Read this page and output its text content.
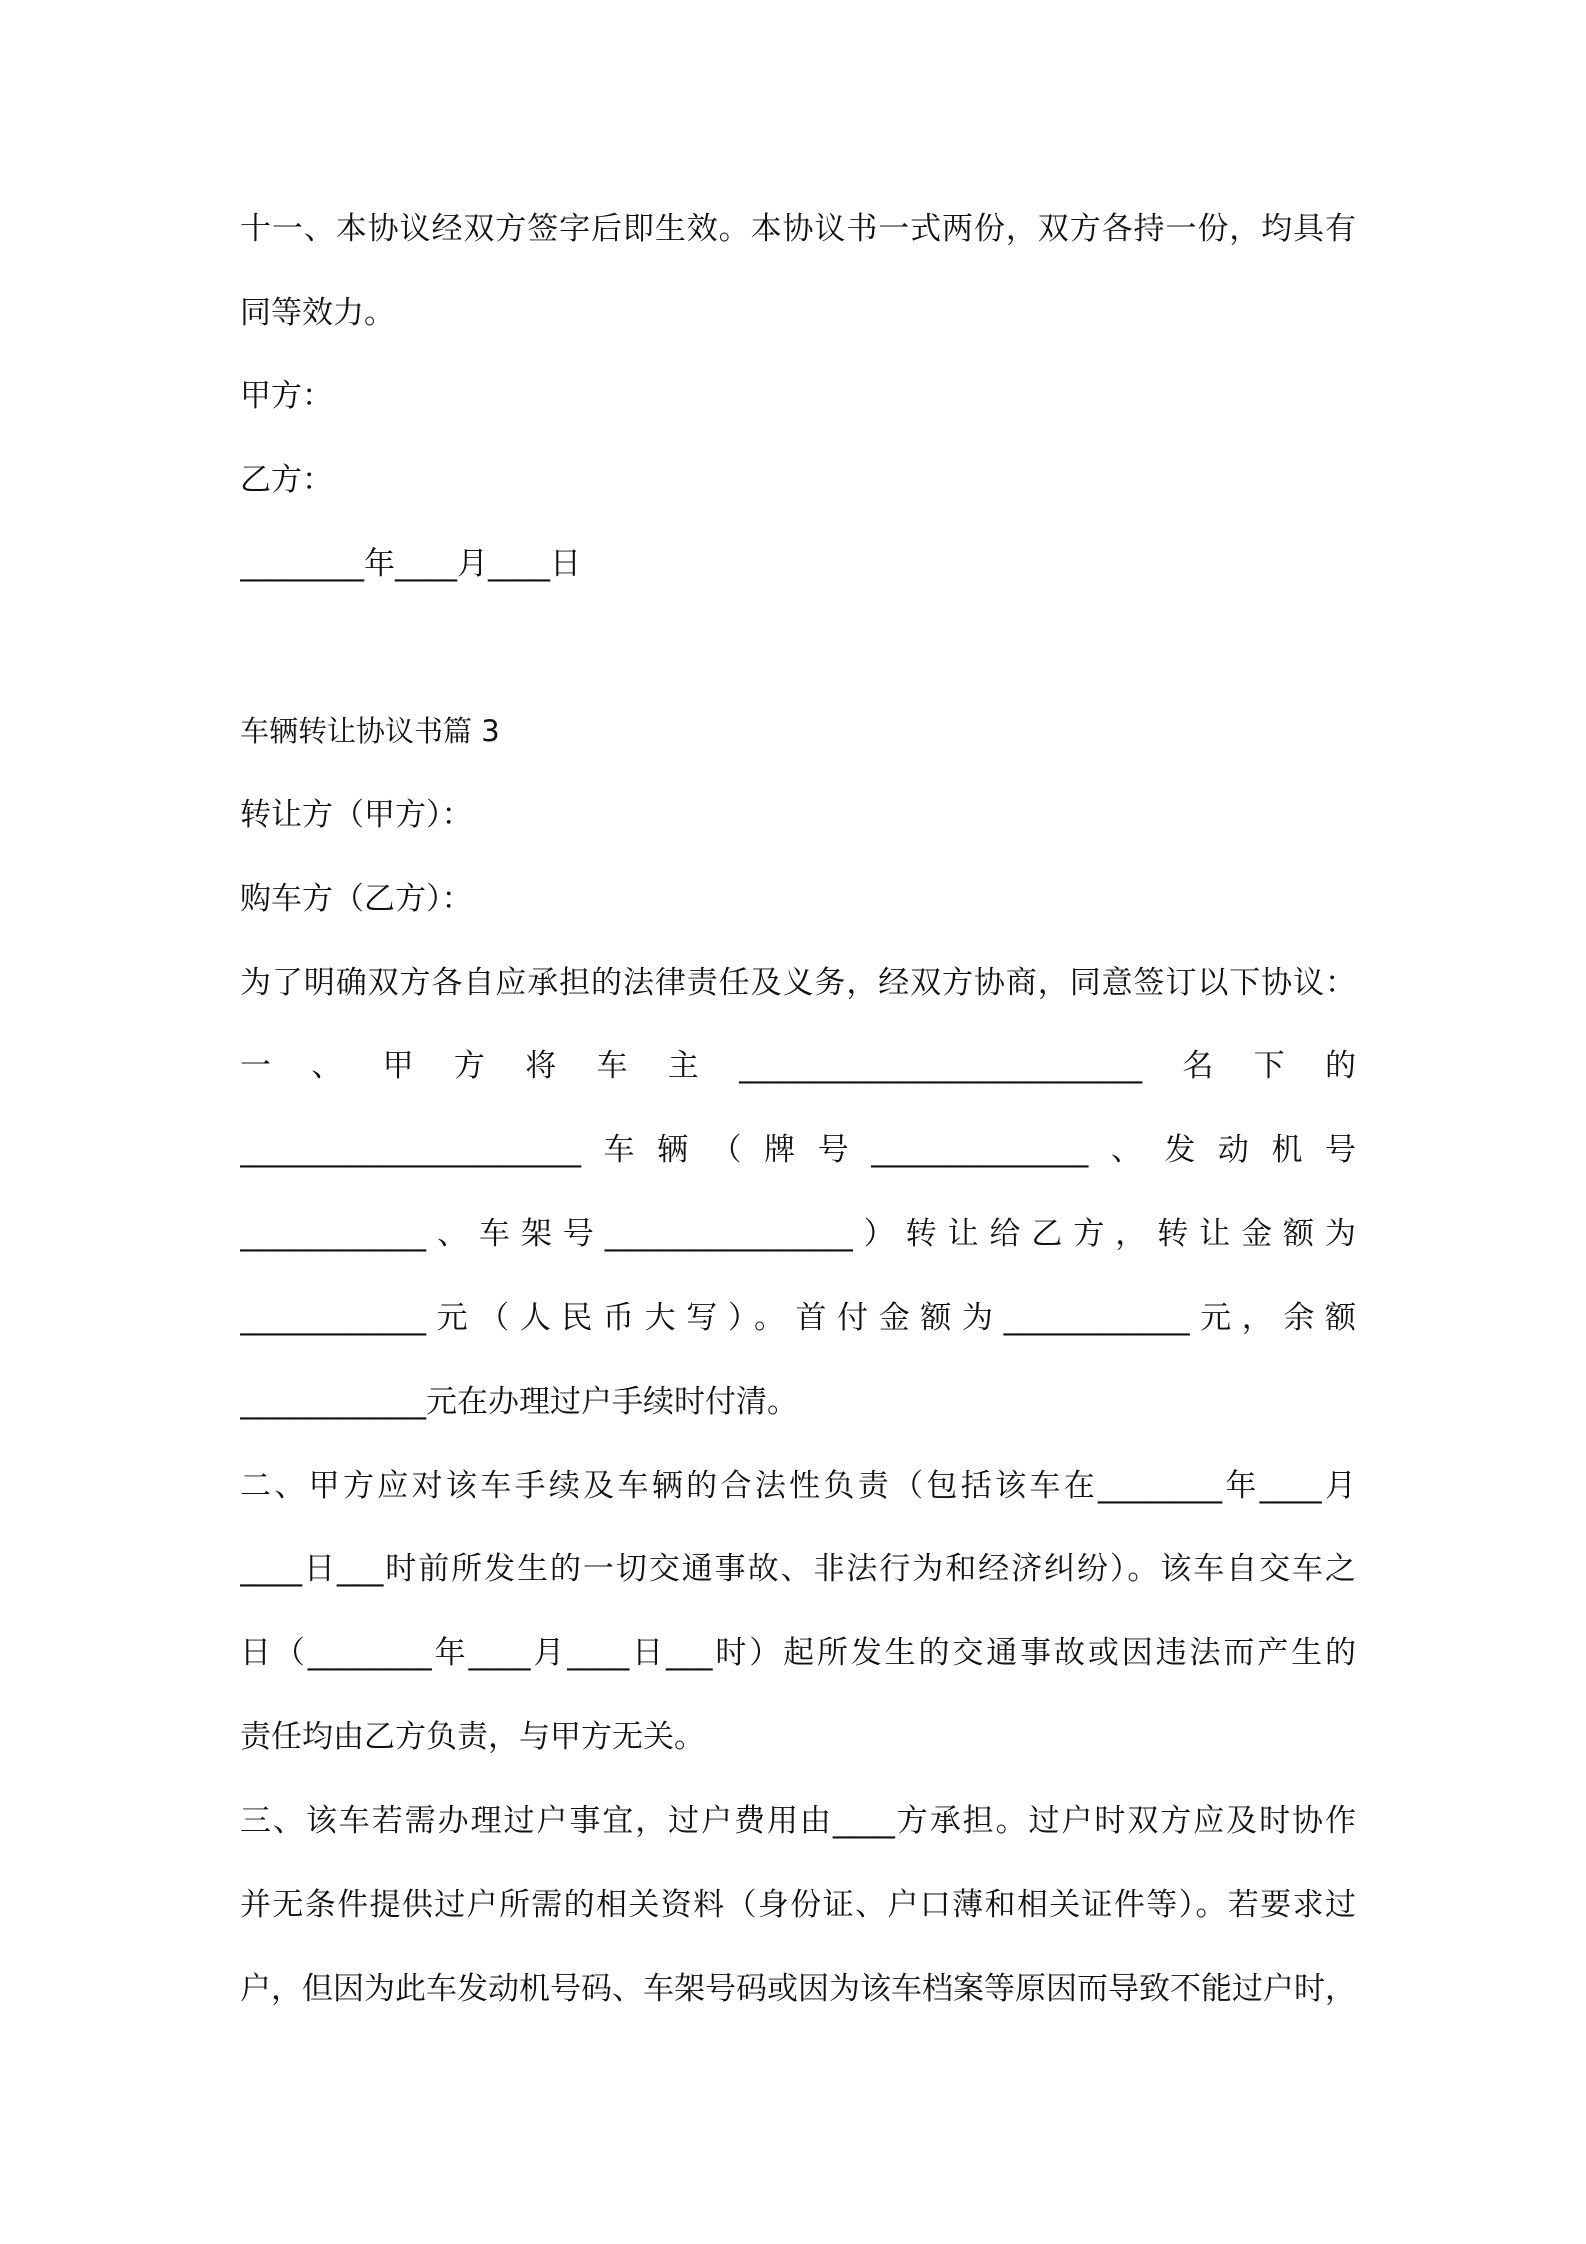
十一、本协议经双方签字后即生效。本协议书一式两份，双方各持一份，均具有
同等效力。
甲方：
乙方：
________年____月____日
车辆转让协议书篇 3
转让方（甲方）：
购车方（乙方）：
为了明确双方各自应承担的法律责任及义务，经双方协商，同意签订以下协议：
一、甲方将车主__________________________名下的
______________________车辆（牌号______________、发动机号
____________、车架号________________）转让给乙方，转让金额为
____________元（人民币大写）。首付金额为____________元，余额
____________元在办理过户手续时付清。
二、甲方应对该车手续及车辆的合法性负责（包括该车在________年____月
____日___时前所发生的一切交通事故、非法行为和经济纠纷）。该车自交车之
日（________年____月____日___时）起所发生的交通事故或因违法而产生的
责任均由乙方负责，与甲方无关。
三、该车若需办理过户事宜，过户费用由____方承担。过户时双方应及时协作
并无条件提供过户所需的相关资料（身份证、户口薄和相关证件等）。若要求过
户，但因为此车发动机号码、车架号码或因为该车档案等原因而导致不能过户时，
